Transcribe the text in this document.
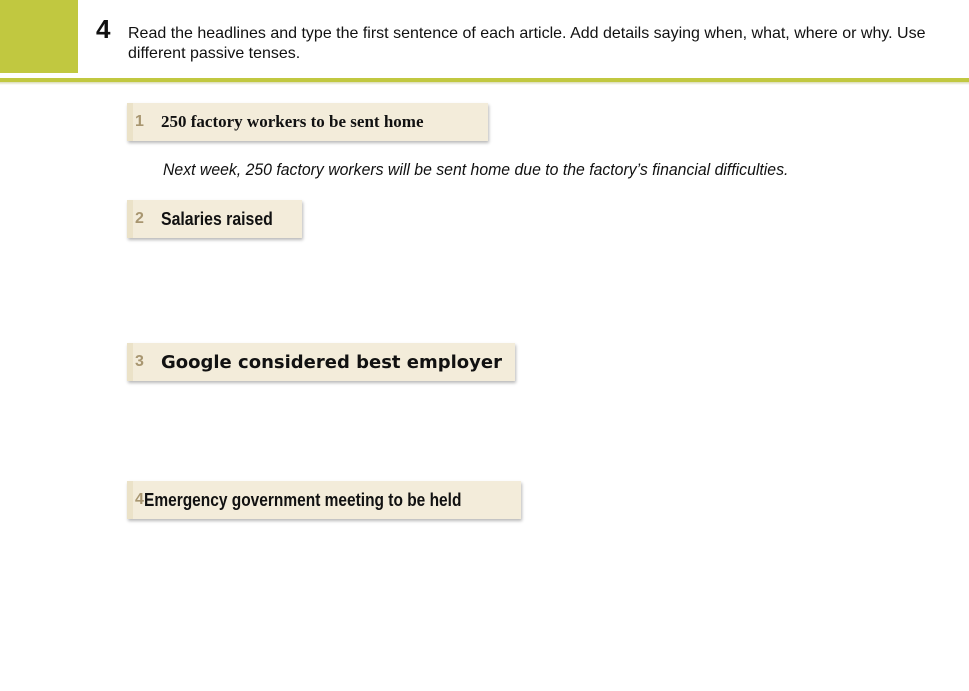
4 Read the headlines and type the first sentence of each article. Add details saying when, what, where or why. Use different passive tenses.
1	250 factory workers to be sent home
Next week, 250 factory workers will be sent home due to the factory’s financial difficulties.
2 Salaries raised
3 Google considered best employer
4 Emergency government meeting to be held
